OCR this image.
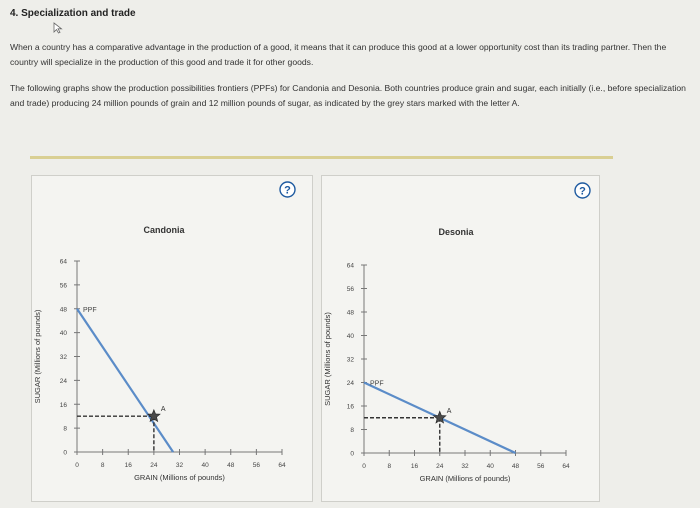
4. Specialization and trade

When a country has a comparative advantage in the production of a good, it means that it can produce this good at a lower opportunity cost than its trading partner. Then the country will specialize in the production of this good and trade it for other goods.

The following graphs show the production possibilities frontiers (PPFs) for Candonia and Desonia. Both countries produce grain and sugar, each initially (i.e., before specialization and trade) producing 24 million pounds of grain and 12 million pounds of sugar, as indicated by the grey stars marked with the letter A.

Candonia
0	8	16	24	32	40	48	56	64
0
8
16
24
32
40
48
56
64
GRAIN (Millions of pounds)
SUGAR (Millions of pounds)	PPF
A
Desonia
0	8	16	24	32	40	48	56	64
0
8
16
24
32
40
48
56
64
GRAIN (Millions of pounds)
SUGAR (Millions of pounds)	PPF
A
?	?
